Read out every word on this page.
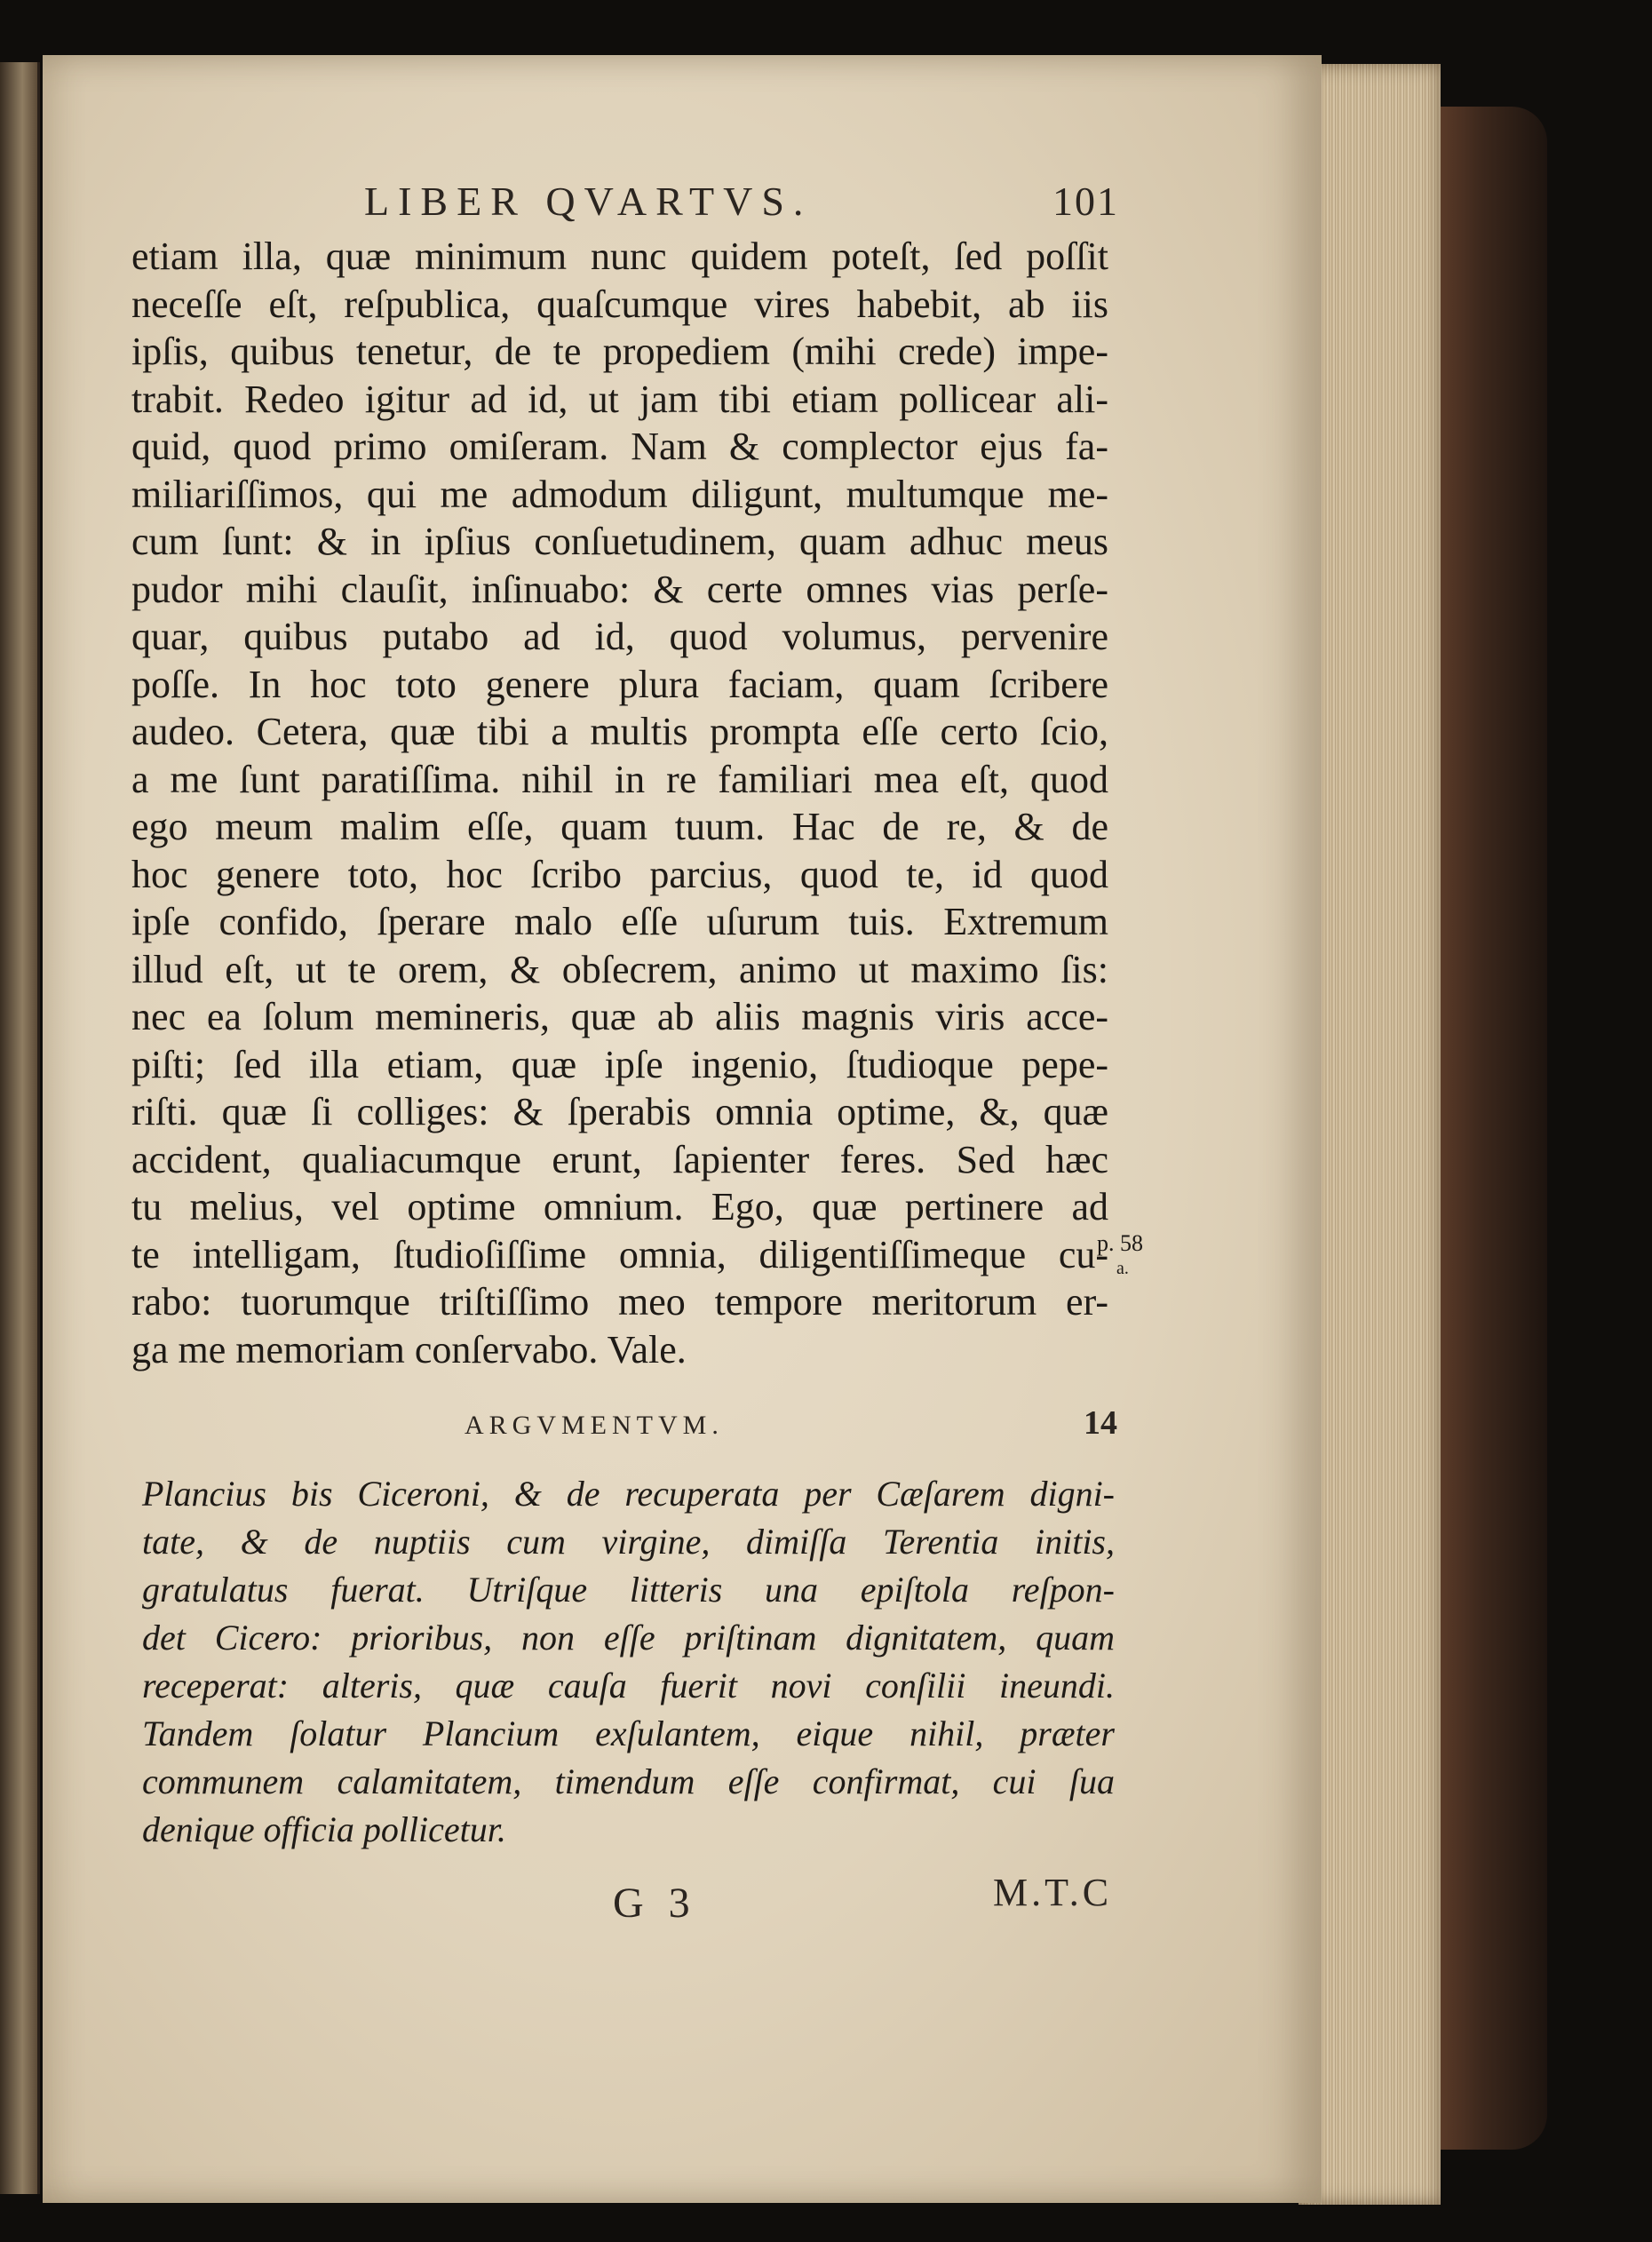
LIBER QVARTVS.	101
etiam illa, quæ minimum nunc quidem poteſt, ſed poſſit
neceſſe eſt, reſpublica, quaſcumque vires habebit, ab iis
ipſis, quibus tenetur, de te propediem (mihi crede) impe-
trabit. Redeo igitur ad id, ut jam tibi etiam pollicear ali-
quid, quod primo omiſeram. Nam & complector ejus fa-
miliariſſimos, qui me admodum diligunt, multumque me-
cum ſunt: & in ipſius conſuetudinem, quam adhuc meus
pudor mihi clauſit, inſinuabo: & certe omnes vias perſe-
quar, quibus putabo ad id, quod volumus, pervenire
poſſe. In hoc toto genere plura faciam, quam ſcribere
audeo. Cetera, quæ tibi a multis prompta eſſe certo ſcio,
a me ſunt paratiſſima. nihil in re familiari mea eſt, quod
ego meum malim eſſe, quam tuum. Hac de re, & de
hoc genere toto, hoc ſcribo parcius, quod te, id quod
ipſe confido, ſperare malo eſſe uſurum tuis. Extremum
illud eſt, ut te orem, & obſecrem, animo ut maximo ſis:
nec ea ſolum memineris, quæ ab aliis magnis viris acce-
piſti; ſed illa etiam, quæ ipſe ingenio, ſtudioque pepe-
riſti. quæ ſi colliges: & ſperabis omnia optime, &, quæ
accident, qualiacumque erunt, ſapienter feres. Sed hæc
tu melius, vel optime omnium. Ego, quæ pertinere ad
te intelligam, ſtudioſiſſime omnia, diligentiſſimeque cu-
rabo: tuorumque triſtiſſimo meo tempore meritorum er-
ga me memoriam conſervabo. Vale.
p. 58
a.
ARGVMENTVM.	14
Plancius bis Ciceroni, & de recuperata per Cæſarem digni-
tate, & de nuptiis cum virgine, dimiſſa Terentia initis,
gratulatus fuerat. Utriſque litteris una epiſtola reſpon-
det Cicero: prioribus, non eſſe priſtinam dignitatem, quam
receperat: alteris, quæ cauſa fuerit novi conſilii ineundi.
Tandem ſolatur Plancium exſulantem, eique nihil, præter
communem calamitatem, timendum eſſe confirmat, cui ſua
denique officia pollicetur.
G 3	M.T.C
